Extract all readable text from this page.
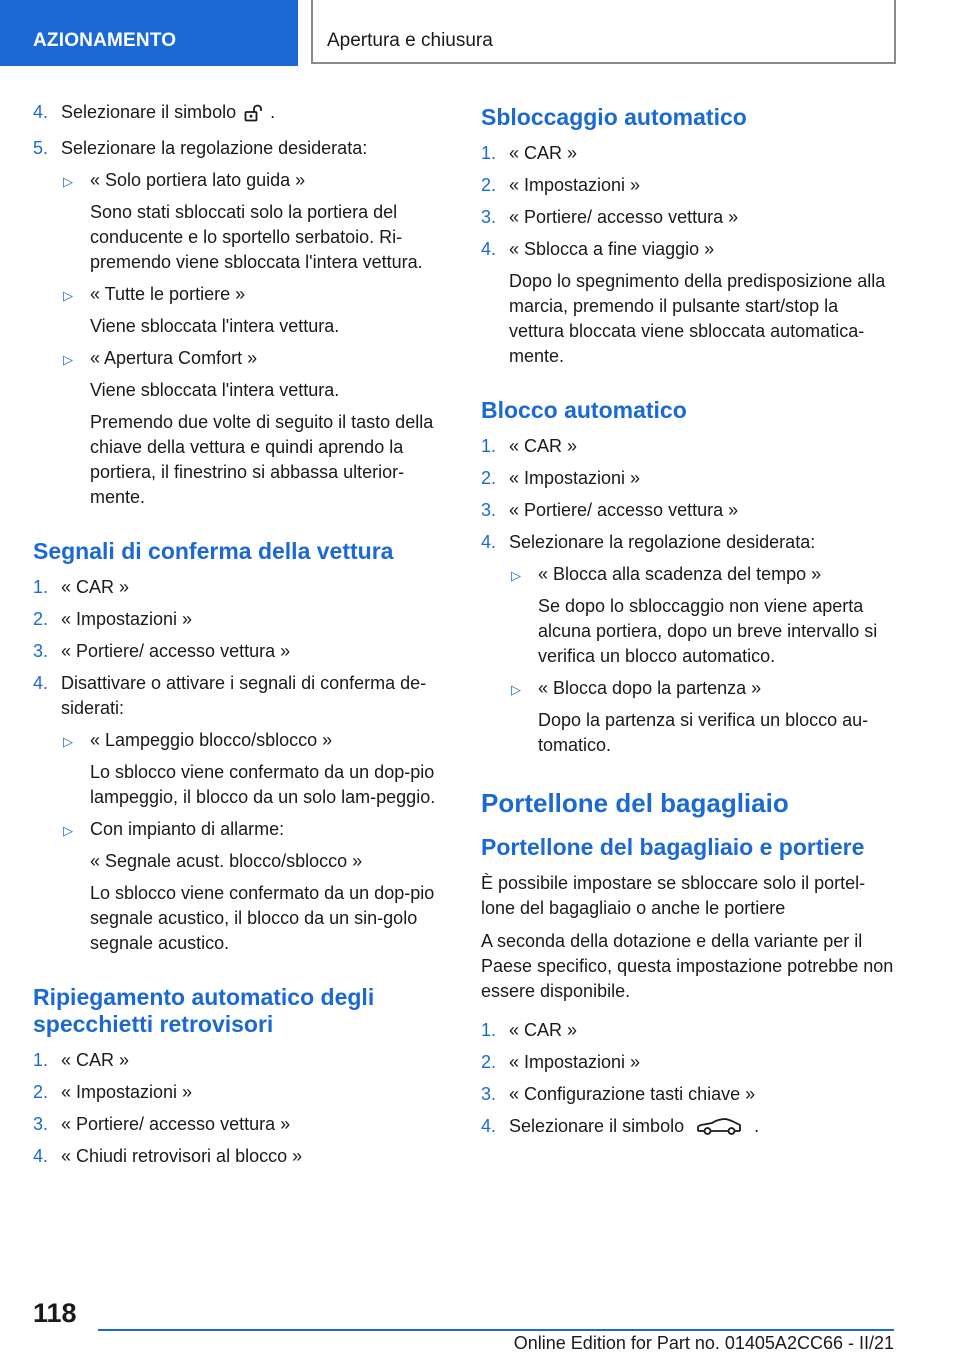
AZIONAMENTO	Apertura e chiusura
4. Selezionare il simbolo .
5. Selezionare la regolazione desiderata:
▷ « Solo portiera lato guida »
Sono stati sbloccati solo la portiera del conducente e lo sportello serbatoio. Ri-premendo viene sbloccata l'intera vettura.
▷ « Tutte le portiere »
Viene sbloccata l'intera vettura.
▷ « Apertura Comfort »
Viene sbloccata l'intera vettura.
Premendo due volte di seguito il tasto della chiave della vettura e quindi aprendo la portiera, il finestrino si abbassa ulterior-mente.
Segnali di conferma della vettura
1. « CAR »
2. « Impostazioni »
3. « Portiere/ accesso vettura »
4. Disattivare o attivare i segnali di conferma de-siderati:
▷ « Lampeggio blocco/sblocco »
Lo sblocco viene confermato da un dop-pio lampeggio, il blocco da un solo lam-peggio.
▷ Con impianto di allarme:
« Segnale acust. blocco/sblocco »
Lo sblocco viene confermato da un dop-pio segnale acustico, il blocco da un sin-golo segnale acustico.
Ripiegamento automatico degli specchietti retrovisori
1. « CAR »
2. « Impostazioni »
3. « Portiere/ accesso vettura »
4. « Chiudi retrovisori al blocco »
Sbloccaggio automatico
1. « CAR »
2. « Impostazioni »
3. « Portiere/ accesso vettura »
4. « Sblocca a fine viaggio »
Dopo lo spegnimento della predisposizione alla marcia, premendo il pulsante start/stop la vettura bloccata viene sbloccata automatica-mente.
Blocco automatico
1. « CAR »
2. « Impostazioni »
3. « Portiere/ accesso vettura »
4. Selezionare la regolazione desiderata:
▷ « Blocca alla scadenza del tempo »
Se dopo lo sbloccaggio non viene aperta alcuna portiera, dopo un breve intervallo si verifica un blocco automatico.
▷ « Blocca dopo la partenza »
Dopo la partenza si verifica un blocco au-tomatico.
Portellone del bagagliaio
Portellone del bagagliaio e portiere

È possibile impostare se sbloccare solo il portel-lone del bagagliaio o anche le portiere

A seconda della dotazione e della variante per il Paese specifico, questa impostazione potrebbe non essere disponibile.

1. « CAR »
2. « Impostazioni »
3. « Configurazione tasti chiave »
4. Selezionare il simbolo	.
118
Online Edition for Part no. 01405A2CC66 - II/21
